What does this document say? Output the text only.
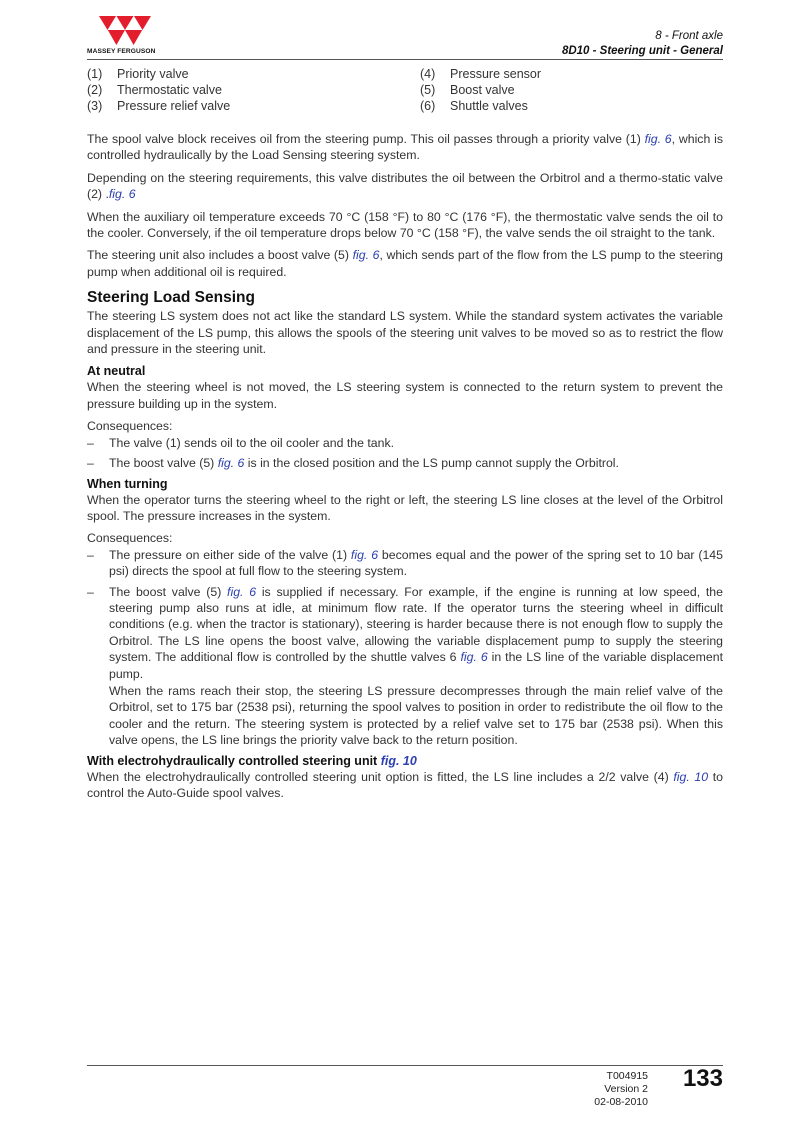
MASSEY FERGUSON
8 - Front axle
8D10 - Steering unit - General
(1) Priority valve
(2) Thermostatic valve
(3) Pressure relief valve
(4) Pressure sensor
(5) Boost valve
(6) Shuttle valves

The spool valve block receives oil from the steering pump. This oil passes through a priority valve (1) fig. 6, which is controlled hydraulically by the Load Sensing steering system.

Depending on the steering requirements, this valve distributes the oil between the Orbitrol and a thermo-static valve (2) .fig. 6

When the auxiliary oil temperature exceeds 70 °C (158 °F) to 80 °C (176 °F), the thermostatic valve sends the oil to the cooler. Conversely, if the oil temperature drops below 70 °C (158 °F), the valve sends the oil straight to the tank.

The steering unit also includes a boost valve (5) fig. 6, which sends part of the flow from the LS pump to the steering pump when additional oil is required.

Steering Load Sensing

The steering LS system does not act like the standard LS system. While the standard system activates the variable displacement of the LS pump, this allows the spools of the steering unit valves to be moved so as to restrict the flow and pressure in the steering unit.

At neutral

When the steering wheel is not moved, the LS steering system is connected to the return system to prevent the pressure building up in the system.

Consequences:

– The valve (1) sends oil to the oil cooler and the tank.
– The boost valve (5) fig. 6 is in the closed position and the LS pump cannot supply the Orbitrol.
When turning

When the operator turns the steering wheel to the right or left, the steering LS line closes at the level of the Orbitrol spool. The pressure increases in the system.

Consequences:

– The pressure on either side of the valve (1) fig. 6 becomes equal and the power of the spring set to 10 bar (145 psi) directs the spool at full flow to the steering system.
– The boost valve (5) fig. 6 is supplied if necessary. For example, if the engine is running at low speed, the steering pump also runs at idle, at minimum flow rate. If the operator turns the steering wheel in difficult conditions (e.g. when the tractor is stationary), steering is harder because there is not enough flow to supply the Orbitrol. The LS line opens the boost valve, allowing the variable displacement pump to supply the steering system. The additional flow is controlled by the shuttle valves 6 fig. 6 in the LS line of the variable displacement pump.
When the rams reach their stop, the steering LS pressure decompresses through the main relief valve of the Orbitrol, set to 175 bar (2538 psi), returning the spool valves to position in order to redistribute the oil flow to the cooler and the return. The steering system is protected by a relief valve set to 175 bar (2538 psi). When this valve opens, the LS line brings the priority valve back to the return position.
With electrohydraulically controlled steering unit fig. 10

When the electrohydraulically controlled steering unit option is fitted, the LS line includes a 2/2 valve (4) fig. 10 to control the Auto-Guide spool valves.

T004915
Version 2
02-08-2010
133
